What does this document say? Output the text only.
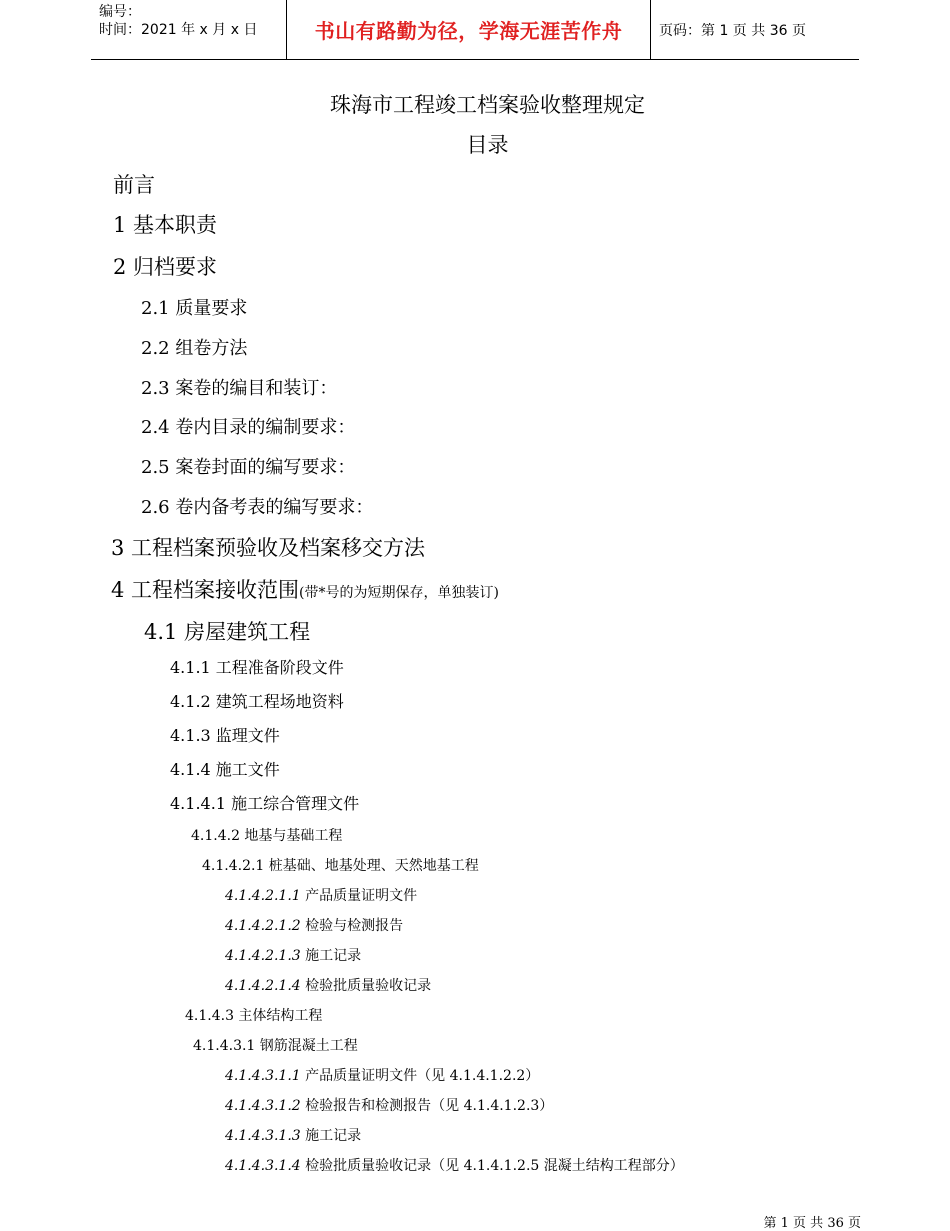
编号：
时间：2021 年 x 月 x 日	书山有路勤为径，学海无涯苦作舟	页码：第 1 页 共 36 页
珠海市工程竣工档案验收整理规定
目录
前言
1 基本职责
2 归档要求
2.1 质量要求
2.2 组卷方法
2.3 案卷的编目和装订：
2.4 卷内目录的编制要求：
2.5 案卷封面的编写要求：
2.6 卷内备考表的编写要求：
3 工程档案预验收及档案移交方法
4 工程档案接收范围(带*号的为短期保存，单独装订)
4.1 房屋建筑工程
4.1.1 工程准备阶段文件
4.1.2 建筑工程场地资料
4.1.3 监理文件
4.1.4 施工文件
4.1.4.1 施工综合管理文件
4.1.4.2 地基与基础工程
4.1.4.2.1 桩基础、地基处理、天然地基工程
4.1.4.2.1.1 产品质量证明文件
4.1.4.2.1.2 检验与检测报告
4.1.4.2.1.3 施工记录
4.1.4.2.1.4 检验批质量验收记录
4.1.4.3 主体结构工程
4.1.4.3.1 钢筋混凝土工程
4.1.4.3.1.1 产品质量证明文件（见 4.1.4.1.2.2）
4.1.4.3.1.2 检验报告和检测报告（见 4.1.4.1.2.3）
4.1.4.3.1.3 施工记录
4.1.4.3.1.4 检验批质量验收记录（见 4.1.4.1.2.5 混凝土结构工程部分）
第 1 页 共 36 页
